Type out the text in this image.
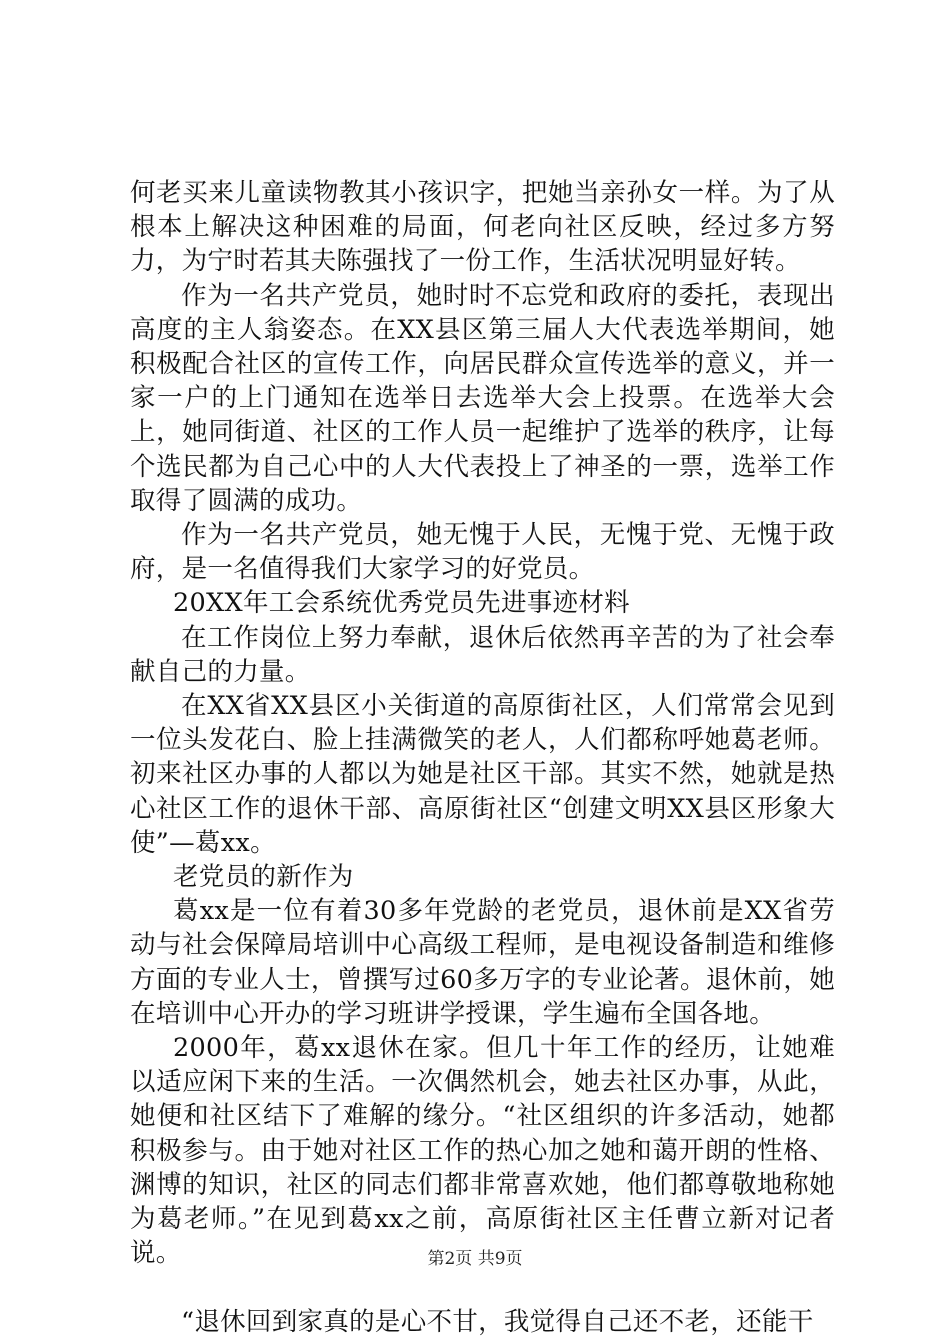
何老买来儿童读物教其小孩识字，把她当亲孙女一样。为了从根本上解决这种困难的局面，何老向社区反映，经过多方努力，为宁时若其夫陈强找了一份工作，生活状况明显好转。

作为一名共产党员，她时时不忘党和政府的委托，表现出高度的主人翁姿态。在XX县区第三届人大代表选举期间，她积极配合社区的宣传工作，向居民群众宣传选举的意义，并一家一户的上门通知在选举日去选举大会上投票。在选举大会上，她同街道、社区的工作人员一起维护了选举的秩序，让每个选民都为自己心中的人大代表投上了神圣的一票，选举工作取得了圆满的成功。

作为一名共产党员，她无愧于人民，无愧于党、无愧于政府，是一名值得我们大家学习的好党员。

20XX年工会系统优秀党员先进事迹材料

在工作岗位上努力奉献，退休后依然再辛苦的为了社会奉献自己的力量。

在XX省XX县区小关街道的高原街社区，人们常常会见到一位头发花白、脸上挂满微笑的老人，人们都称呼她葛老师。初来社区办事的人都以为她是社区干部。其实不然，她就是热心社区工作的退休干部、高原街社区“创建文明XX县区形象大使”—葛xx。

老党员的新作为

葛xx是一位有着30多年党龄的老党员，退休前是XX省劳动与社会保障局培训中心高级工程师，是电视设备制造和维修方面的专业人士，曾撰写过60多万字的专业论著。退休前，她在培训中心开办的学习班讲学授课，学生遍布全国各地。

2000年，葛xx退休在家。但几十年工作的经历，让她难以适应闲下来的生活。一次偶然机会，她去社区办事，从此，她便和社区结下了难解的缘分。“社区组织的许多活动，她都积极参与。由于她对社区工作的热心加之她和蔼开朗的性格、渊博的知识，社区的同志们都非常喜欢她，他们都尊敬地称她为葛老师。”在见到葛xx之前，高原街社区主任曹立新对记者说。

“退休回到家真的是心不甘，我觉得自己还不老，还能干

第2页 共9页
